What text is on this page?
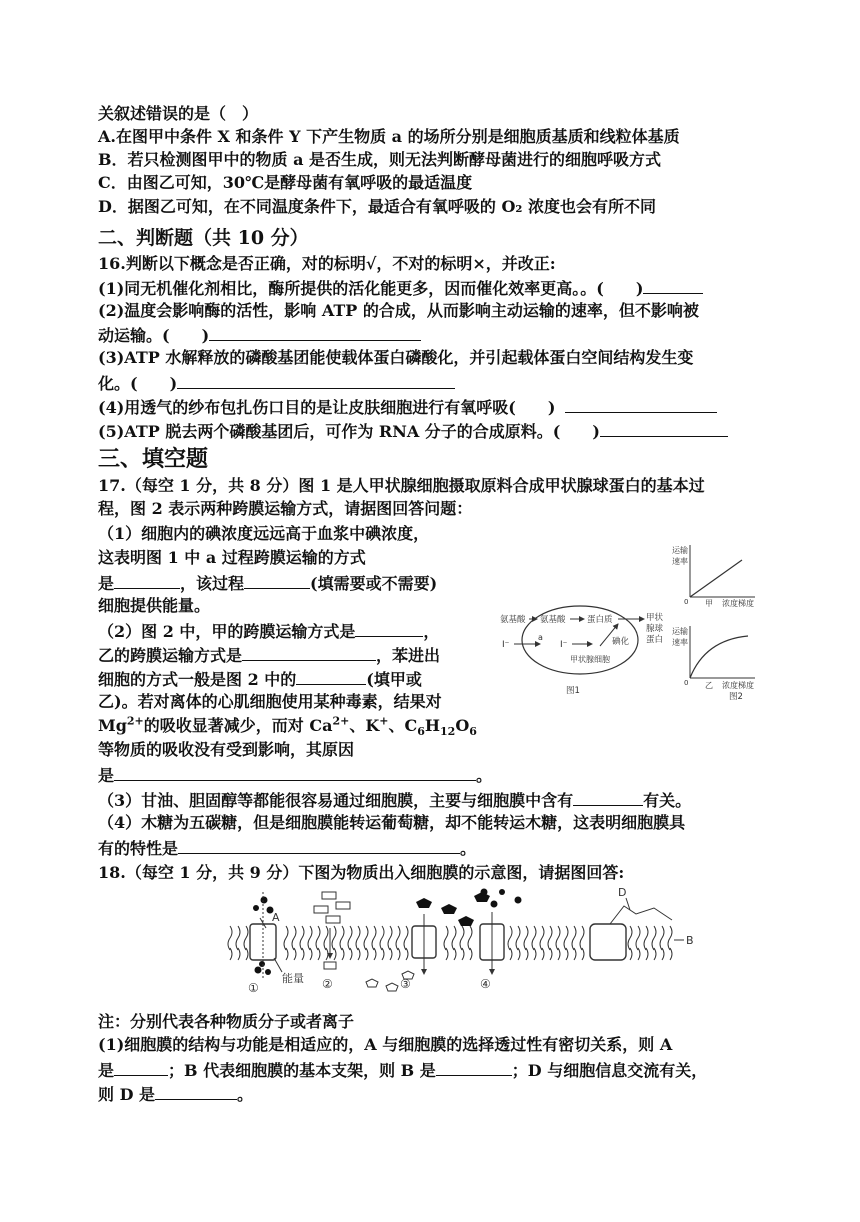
关叙述错误的是（　）
A.在图甲中条件 X 和条件 Y 下产生物质 a 的场所分别是细胞质基质和线粒体基质
B．若只检测图甲中的物质 a 是否生成，则无法判断酵母菌进行的细胞呼吸方式
C．由图乙可知，30℃是酵母菌有氧呼吸的最适温度
D．据图乙可知，在不同温度条件下，最适合有氧呼吸的 O₂ 浓度也会有所不同
二、判断题（共 10 分）
16.判断以下概念是否正确，对的标明√，不对的标明×，并改正:
(1)同无机催化剂相比，酶所提供的活化能更多，因而催化效率更高。。(　　)
(2)温度会影响酶的活性，影响 ATP 的合成，从而影响主动运输的速率，但不影响被
动运输。(　　)
(3)ATP 水解释放的磷酸基团能使载体蛋白磷酸化，并引起载体蛋白空间结构发生变
化。(　　)
(4)用透气的纱布包扎伤口目的是让皮肤细胞进行有氧呼吸(　　)
(5)ATP 脱去两个磷酸基团后，可作为 RNA 分子的合成原料。(　　)
三、填空题
17.（每空 1 分，共 8 分）图 1 是人甲状腺细胞摄取原料合成甲状腺球蛋白的基本过
程，图 2 表示两种跨膜运输方式，请据图回答问题：
（1）细胞内的碘浓度远远高于血浆中碘浓度，
这表明图 1 中 a 过程跨膜运输的方式
是	，该过程	(填需要或不需要)
细胞提供能量。
（2）图 2 中，甲的跨膜运输方式是	，
乙的跨膜运输方式是	，苯进出
细胞的方式一般是图 2 中的	(填甲或
乙)。若对离体的心肌细胞使用某种毒素，结果对
$Mg^{2+}$的吸收显著减少，而对 $Ca^{2+}$、K+、$C_6H_{12}O_6$
等物质的吸收没有受到影响，其原因
是	。
（3）甘油、胆固醇等都能很容易通过细胞膜，主要与细胞膜中含有	有关。
（4）木糖为五碳糖，但是细胞膜能转运葡萄糖，却不能转运木糖，这表明细胞膜具
有的特性是	。
氨基酸 氨基酸	蛋白质	甲状
腺球
蛋白
I⁻
a
I⁻	碘化
甲状腺细胞
图1
运输
速率
0 甲 浓度梯度
运输
速率
0 乙 浓度梯度
图2
18.（每空 1 分，共 9 分）下图为物质出入细胞膜的示意图，请据图回答:
A
D
B
能量
①	②	③	④
注：分别代表各种物质分子或者离子
(1)细胞膜的结构与功能是相适应的，A 与细胞膜的选择透过性有密切关系，则 A
是	；B 代表细胞膜的基本支架，则 B 是	；D 与细胞信息交流有关，
则 D 是	。
